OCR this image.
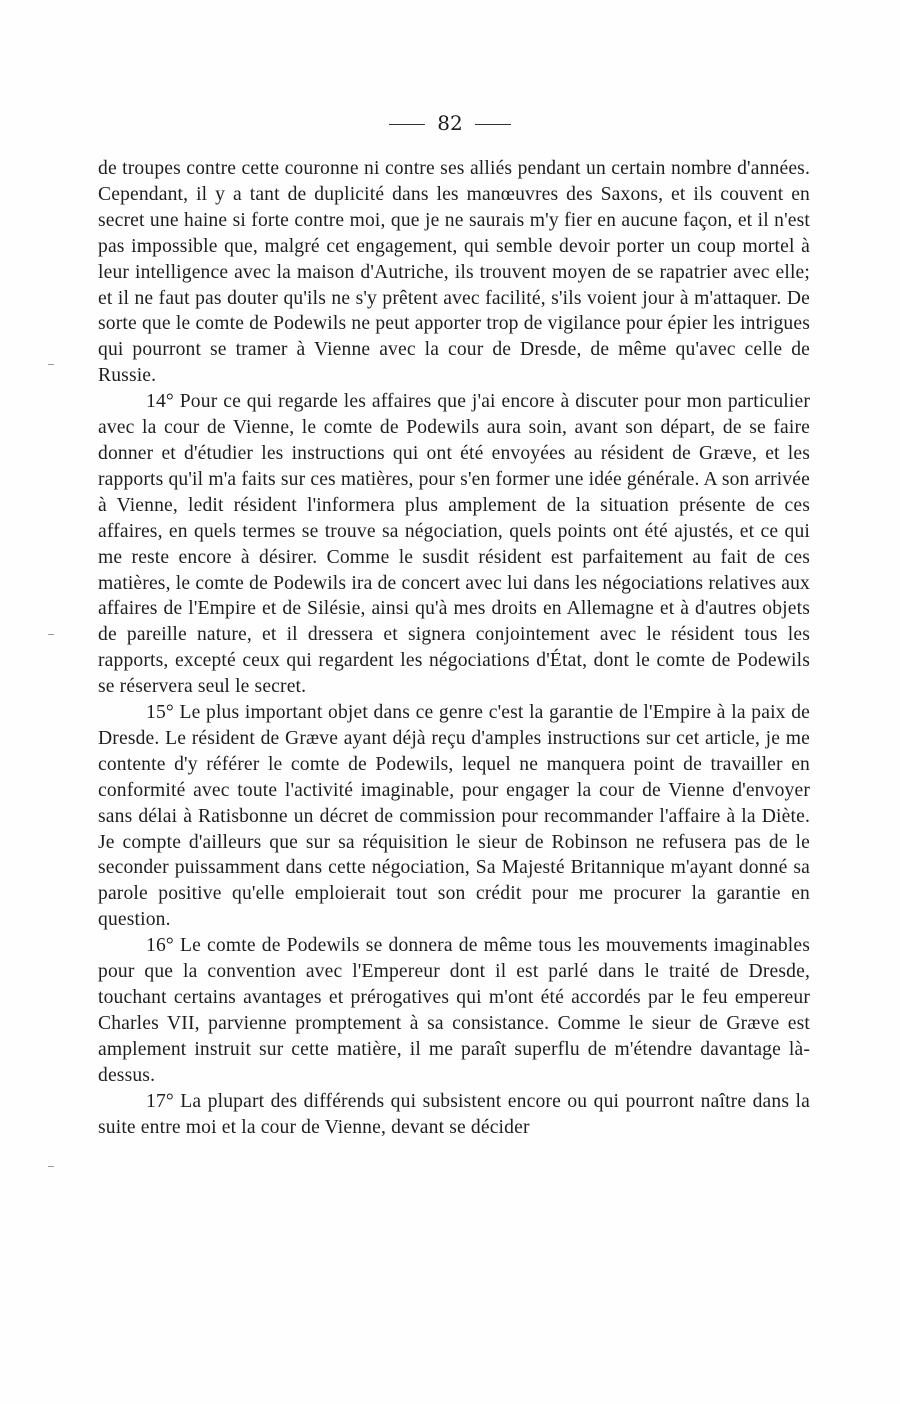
82

de troupes contre cette couronne ni contre ses alliés pendant un certain nombre d'années. Cependant, il y a tant de duplicité dans les manœuvres des Saxons, et ils couvent en secret une haine si forte contre moi, que je ne saurais m'y fier en aucune façon, et il n'est pas impossible que, malgré cet engagement, qui semble devoir porter un coup mortel à leur intelligence avec la maison d'Autriche, ils trouvent moyen de se rapatrier avec elle; et il ne faut pas douter qu'ils ne s'y prêtent avec facilité, s'ils voient jour à m'attaquer. De sorte que le comte de Podewils ne peut apporter trop de vigilance pour épier les intrigues qui pourront se tramer à Vienne avec la cour de Dresde, de même qu'avec celle de Russie.

14° Pour ce qui regarde les affaires que j'ai encore à discuter pour mon particulier avec la cour de Vienne, le comte de Podewils aura soin, avant son départ, de se faire donner et d'étudier les instructions qui ont été envoyées au résident de Græve, et les rapports qu'il m'a faits sur ces matières, pour s'en former une idée générale. A son arrivée à Vienne, ledit résident l'informera plus amplement de la situation présente de ces affaires, en quels termes se trouve sa négociation, quels points ont été ajustés, et ce qui me reste encore à désirer. Comme le susdit résident est parfaitement au fait de ces matières, le comte de Podewils ira de concert avec lui dans les négociations relatives aux affaires de l'Empire et de Silésie, ainsi qu'à mes droits en Allemagne et à d'autres objets de pareille nature, et il dressera et signera conjointement avec le résident tous les rapports, excepté ceux qui regardent les négociations d'État, dont le comte de Podewils se réservera seul le secret.

15° Le plus important objet dans ce genre c'est la garantie de l'Empire à la paix de Dresde. Le résident de Græve ayant déjà reçu d'amples instructions sur cet article, je me contente d'y référer le comte de Podewils, lequel ne manquera point de travailler en conformité avec toute l'activité imaginable, pour engager la cour de Vienne d'envoyer sans délai à Ratisbonne un décret de commission pour recommander l'affaire à la Diète. Je compte d'ailleurs que sur sa réquisition le sieur de Robinson ne refusera pas de le seconder puissamment dans cette négociation, Sa Majesté Britannique m'ayant donné sa parole positive qu'elle emploierait tout son crédit pour me procurer la garantie en question.

16° Le comte de Podewils se donnera de même tous les mouvements imaginables pour que la convention avec l'Empereur dont il est parlé dans le traité de Dresde, touchant certains avantages et prérogatives qui m'ont été accordés par le feu empereur Charles VII, parvienne promptement à sa consistance. Comme le sieur de Græve est amplement instruit sur cette matière, il me paraît superflu de m'étendre davantage là-dessus.

17° La plupart des différends qui subsistent encore ou qui pourront naître dans la suite entre moi et la cour de Vienne, devant se décider
